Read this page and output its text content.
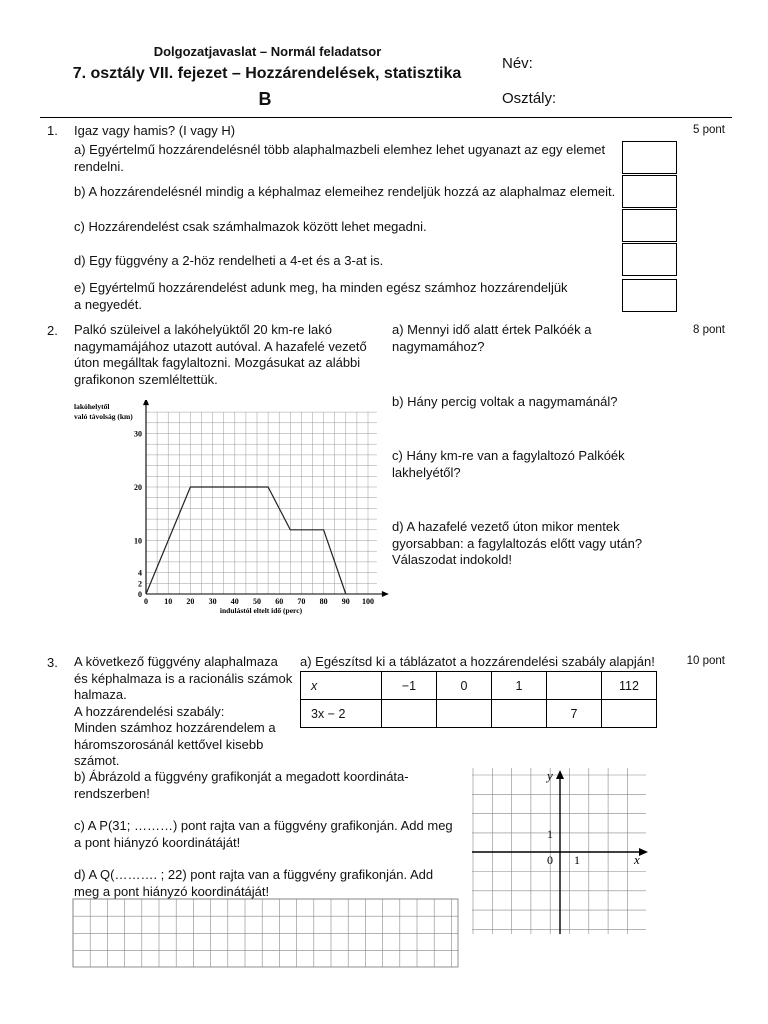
Dolgozatjavaslat – Normál feladatsor
7. osztály VII. fejezet – Hozzárendelések, statisztika
B
Név:
Osztály:
1.	5 pont
Igaz vagy hamis? (I vagy H)
a) Egyértelmű hozzárendelésnél több alaphalmazbeli elemhez lehet ugyanazt az egy elemet rendelni.
b) A hozzárendelésnél mindig a képhalmaz elemeihez rendeljük hozzá az alaphalmaz elemeit.
c) Hozzárendelést csak számhalmazok között lehet megadni.
d) Egy függvény a 2-höz rendelheti a 4-et és a 3-at is.
e) Egyértelmű hozzárendelést adunk meg, ha minden egész számhoz hozzárendeljük a negyedét.
2.	8 pont
Palkó szüleivel a lakóhelyüktől 20 km-re lakó nagymamájához utazott autóval. A hazafelé vezető úton megálltak fagylaltozni. Mozgásukat az alábbi grafikonon szemléltettük.
a) Mennyi idő alatt értek Palkóék a nagymamához?
b) Hány percig voltak a nagymamánál?
c) Hány km-re van a fagylaltozó Palkóék lakhelyétől?
d) A hazafelé vezető úton mikor mentek gyorsabban: a fagylaltozás előtt vagy után? Válaszodat indokold!
lakóhelytől
való távolság (km)
0 10 20 30 40 50 60 70 80 90 100
0
2
4
10
20
30
indulástól eltelt idő (perc)
3.	10 pont
A következő függvény alaphalmaza
és képhalmaza is a racionális számok
halmaza.
A hozzárendelési szabály:
Minden számhoz hozzárendelem a
háromszorosánál kettővel kisebb
számot.
a) Egészítsd ki a táblázatot a hozzárendelési szabály alapján!
x	−1	0	1		112
3x − 2				7	
b) Ábrázold a függvény grafikonját a megadott koordináta-rendszerben!
c) A P(31; ………) pont rajta van a függvény grafikonján. Add meg a pont hiányzó koordinátáját!
d) A Q(………. ; 22) pont rajta van a függvény grafikonján. Add meg a pont hiányzó koordinátáját!
x
y
0 1
1
